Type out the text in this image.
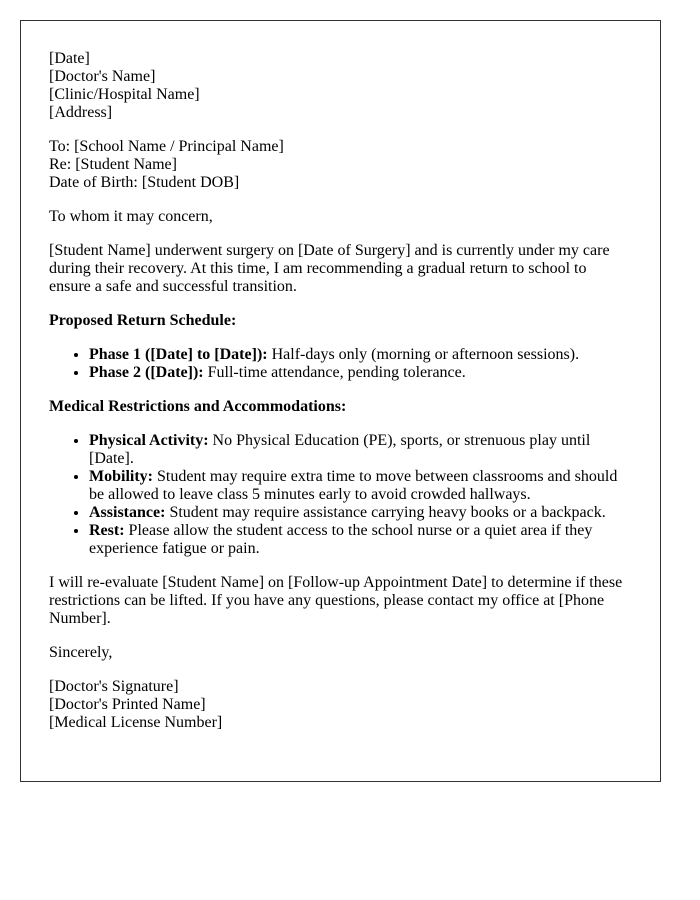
[Date]
[Doctor's Name]
[Clinic/Hospital Name]
[Address]

To: [School Name / Principal Name]
Re: [Student Name]
Date of Birth: [Student DOB]

To whom it may concern,

[Student Name] underwent surgery on [Date of Surgery] and is currently under my care during their recovery. At this time, I am recommending a gradual return to school to ensure a safe and successful transition.

Proposed Return Schedule:

• Phase 1 ([Date] to [Date]): Half-days only (morning or afternoon sessions).
• Phase 2 ([Date]): Full-time attendance, pending tolerance.

Medical Restrictions and Accommodations:

• Physical Activity: No Physical Education (PE), sports, or strenuous play until [Date].
• Mobility: Student may require extra time to move between classrooms and should be allowed to leave class 5 minutes early to avoid crowded hallways.
• Assistance: Student may require assistance carrying heavy books or a backpack.
• Rest: Please allow the student access to the school nurse or a quiet area if they experience fatigue or pain.

I will re-evaluate [Student Name] on [Follow-up Appointment Date] to determine if these restrictions can be lifted. If you have any questions, please contact my office at [Phone Number].

Sincerely,

[Doctor's Signature]
[Doctor's Printed Name]
[Medical License Number]
